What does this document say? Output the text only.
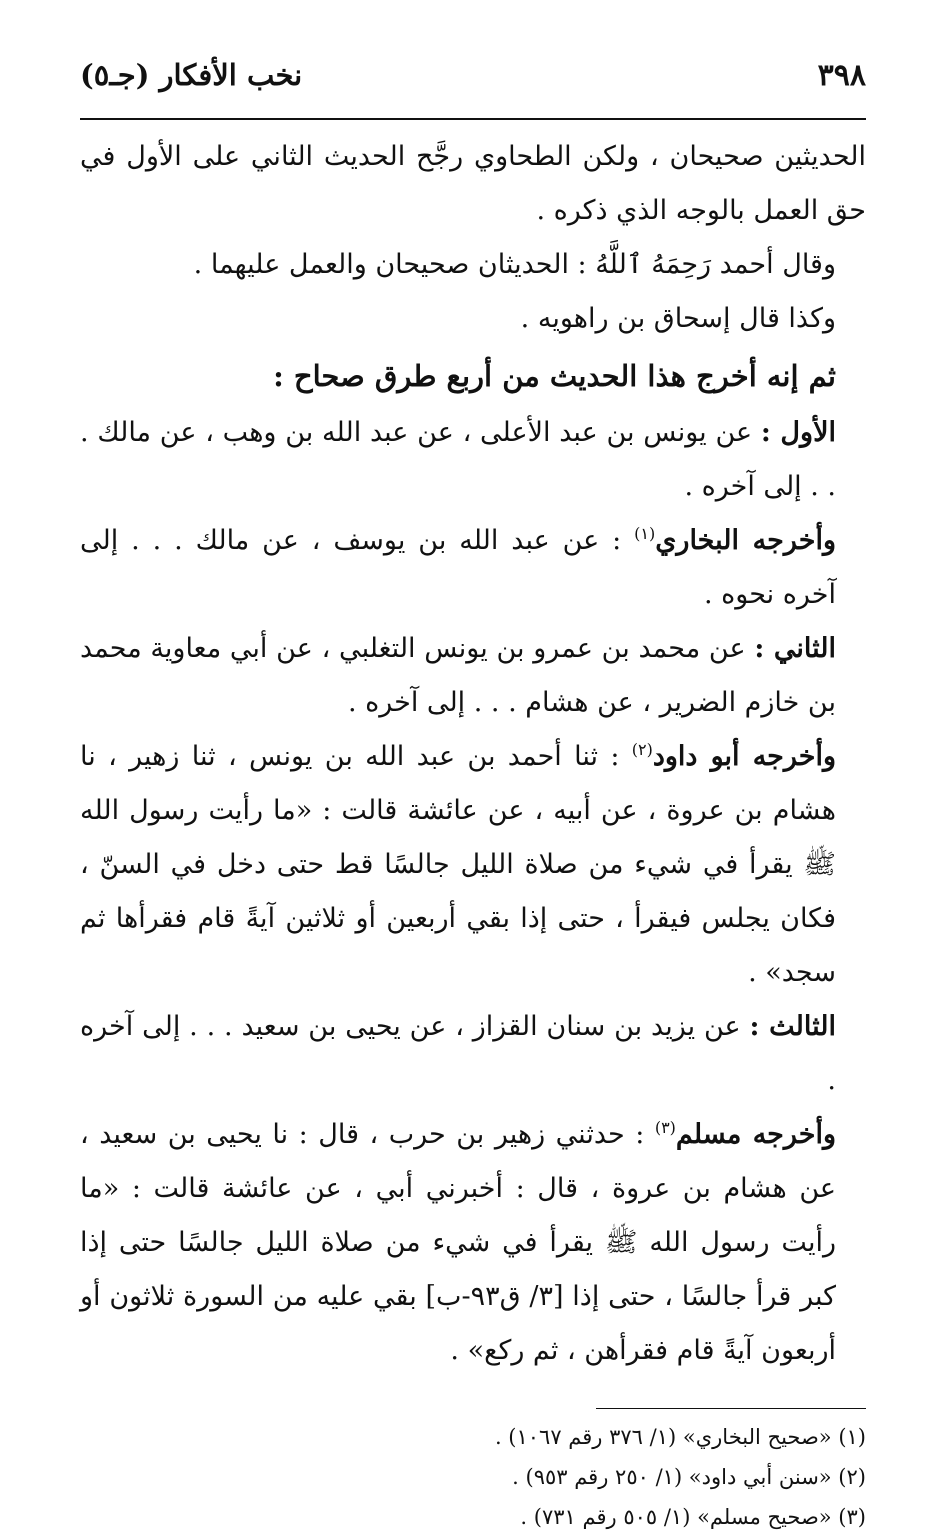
٣٩٨
نخب الأفكار (جـ٥)

الحديثين صحيحان ، ولكن الطحاوي رجَّح الحديث الثاني على الأول في حق العمل بالوجه الذي ذكره .

وقال أحمد رَحِمَهُ ٱللَّهُ : الحديثان صحيحان والعمل عليهما .

وكذا قال إسحاق بن راهويه .

ثم إنه أخرج هذا الحديث من أربع طرق صحاح :

الأول : عن يونس بن عبد الأعلى ، عن عبد الله بن وهب ، عن مالك . . . إلى آخره .

وأخرجه البخاري$^{(١)}$ : عن عبد الله بن يوسف ، عن مالك . . . إلى آخره نحوه .

الثاني : عن محمد بن عمرو بن يونس التغلبي ، عن أبي معاوية محمد بن خازم الضرير ، عن هشام . . . إلى آخره .

وأخرجه أبو داود$^{(٢)}$ : ثنا أحمد بن عبد الله بن يونس ، ثنا زهير ، نا هشام بن عروة ، عن أبيه ، عن عائشة قالت : «ما رأيت رسول الله ﷺ يقرأ في شيء من صلاة الليل جالسًا قط حتى دخل في السنّ ، فكان يجلس فيقرأ ، حتى إذا بقي أربعين أو ثلاثين آيةً قام فقرأها ثم سجد» .

الثالث : عن يزيد بن سنان القزاز ، عن يحيى بن سعيد . . . إلى آخره .

وأخرجه مسلم$^{(٣)}$ : حدثني زهير بن حرب ، قال : نا يحيى بن سعيد ، عن هشام بن عروة ، قال : أخبرني أبي ، عن عائشة قالت : «ما رأيت رسول الله ﷺ يقرأ في شيء من صلاة الليل جالسًا حتى إذا كبر قرأ جالسًا ، حتى إذا [٣/ ق٩٣-ب] بقي عليه من السورة ثلاثون أو أربعون آيةً قام فقرأهن ، ثم ركع» .

(١) «صحيح البخاري» (١/ ٣٧٦ رقم ١٠٦٧) .

(٢) «سنن أبي داود» (١/ ٢٥٠ رقم ٩٥٣) .

(٣) «صحيح مسلم» (١/ ٥٠٥ رقم ٧٣١) .
